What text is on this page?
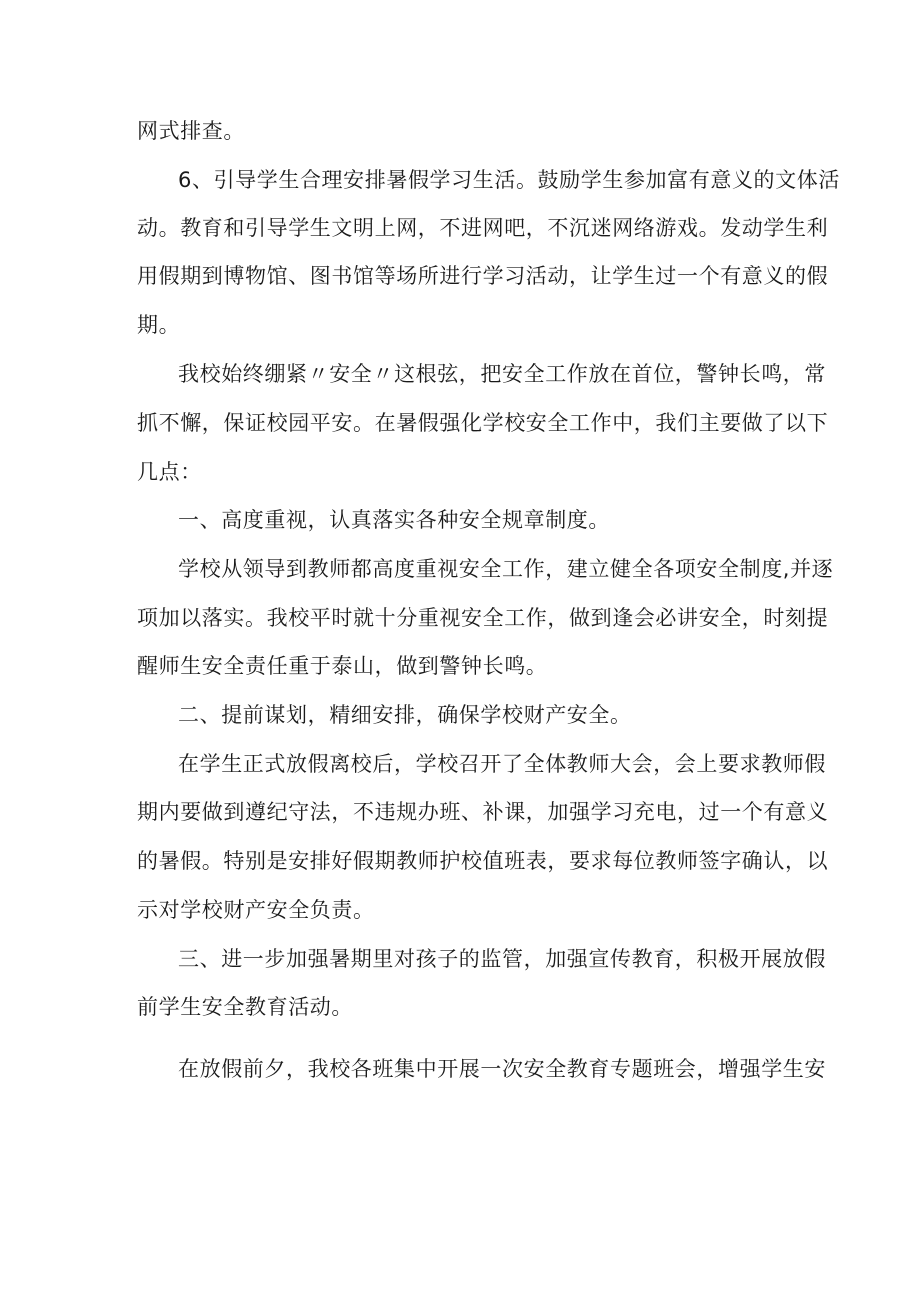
网式排查。
6、引导学生合理安排暑假学习生活。鼓励学生参加富有意义的文体活
动。教育和引导学生文明上网，不进网吧，不沉迷网络游戏。发动学生利
用假期到博物馆、图书馆等场所进行学习活动，让学生过一个有意义的假
期。
我校始终绷紧〃安全〃这根弦，把安全工作放在首位，警钟长鸣，常
抓不懈，保证校园平安。在暑假强化学校安全工作中，我们主要做了以下
几点：
一、高度重视，认真落实各种安全规章制度。
学校从领导到教师都高度重视安全工作，建立健全各项安全制度,并逐
项加以落实。我校平时就十分重视安全工作，做到逢会必讲安全，时刻提
醒师生安全责任重于泰山，做到警钟长鸣。
二、提前谋划，精细安排，确保学校财产安全。
在学生正式放假离校后，学校召开了全体教师大会，会上要求教师假
期内要做到遵纪守法，不违规办班、补课，加强学习充电，过一个有意义
的暑假。特别是安排好假期教师护校值班表，要求每位教师签字确认，以
示对学校财产安全负责。
三、进一步加强暑期里对孩子的监管，加强宣传教育，积极开展放假
前学生安全教育活动。
在放假前夕，我校各班集中开展一次安全教育专题班会，增强学生安
